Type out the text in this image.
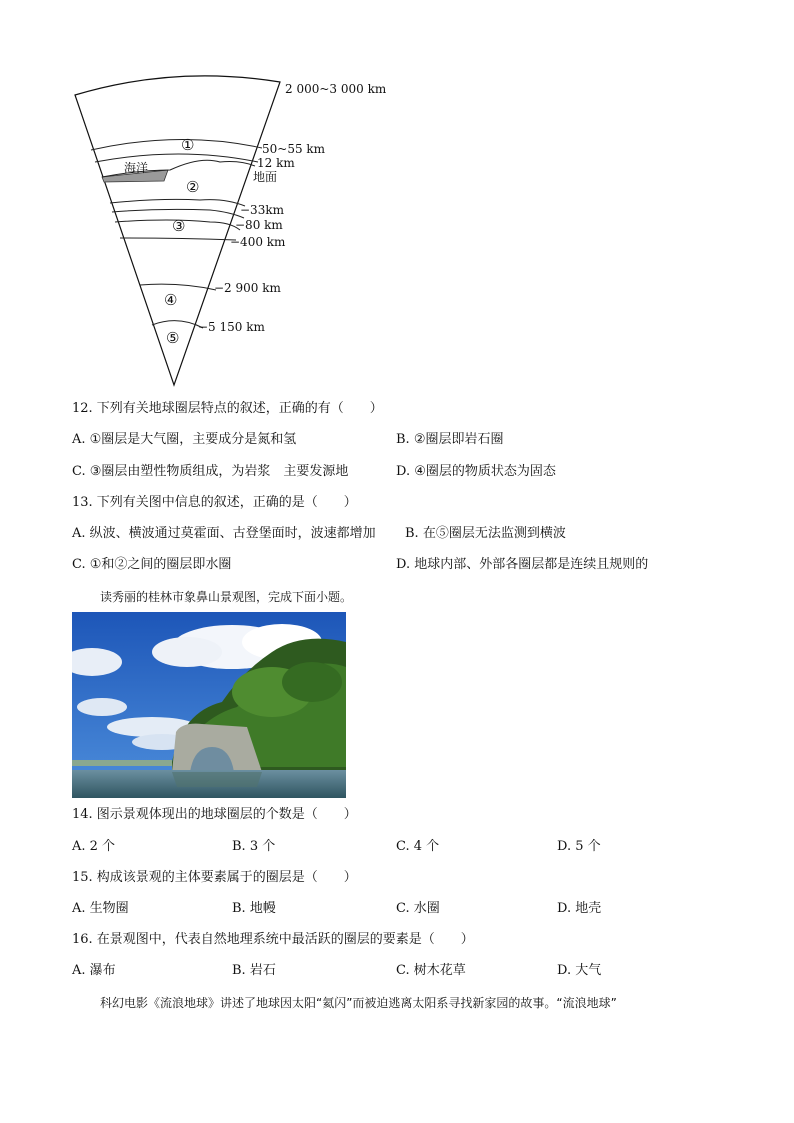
2 000~3 000 km
50~55 km
12 km
地面
−33km
−80 km
−400 km
−2 900 km
−5 150 km
海洋
①
②
③
④
⑤
12. 下列有关地球圈层特点的叙述，正确的有（　　）
A. ①圈层是大气圈，主要成分是氮和氢	B. ②圈层即岩石圈
C. ③圈层由塑性物质组成，为岩浆　主要发源地	D. ④圈层的物质状态为固态
13. 下列有关图中信息的叙述，正确的是（　　）
A. 纵波、横波通过莫霍面、古登堡面时，波速都增加 B. 在⑤圈层无法监测到横波
C. ①和②之间的圈层即水圈	D. 地球内部、外部各圈层都是连续且规则的
读秀丽的桂林市象鼻山景观图，完成下面小题。
14. 图示景观体现出的地球圈层的个数是（　　）
A. 2 个	B. 3 个	C. 4 个	D. 5 个
15. 构成该景观的主体要素属于的圈层是（　　）
A. 生物圈	B. 地幔	C. 水圈	D. 地壳
16. 在景观图中，代表自然地理系统中最活跃的圈层的要素是（　　）
A. 瀑布	B. 岩石	C. 树木花草	D. 大气
科幻电影《流浪地球》讲述了地球因太阳“氦闪”而被迫逃离太阳系寻找新家园的故事。“流浪地球”
